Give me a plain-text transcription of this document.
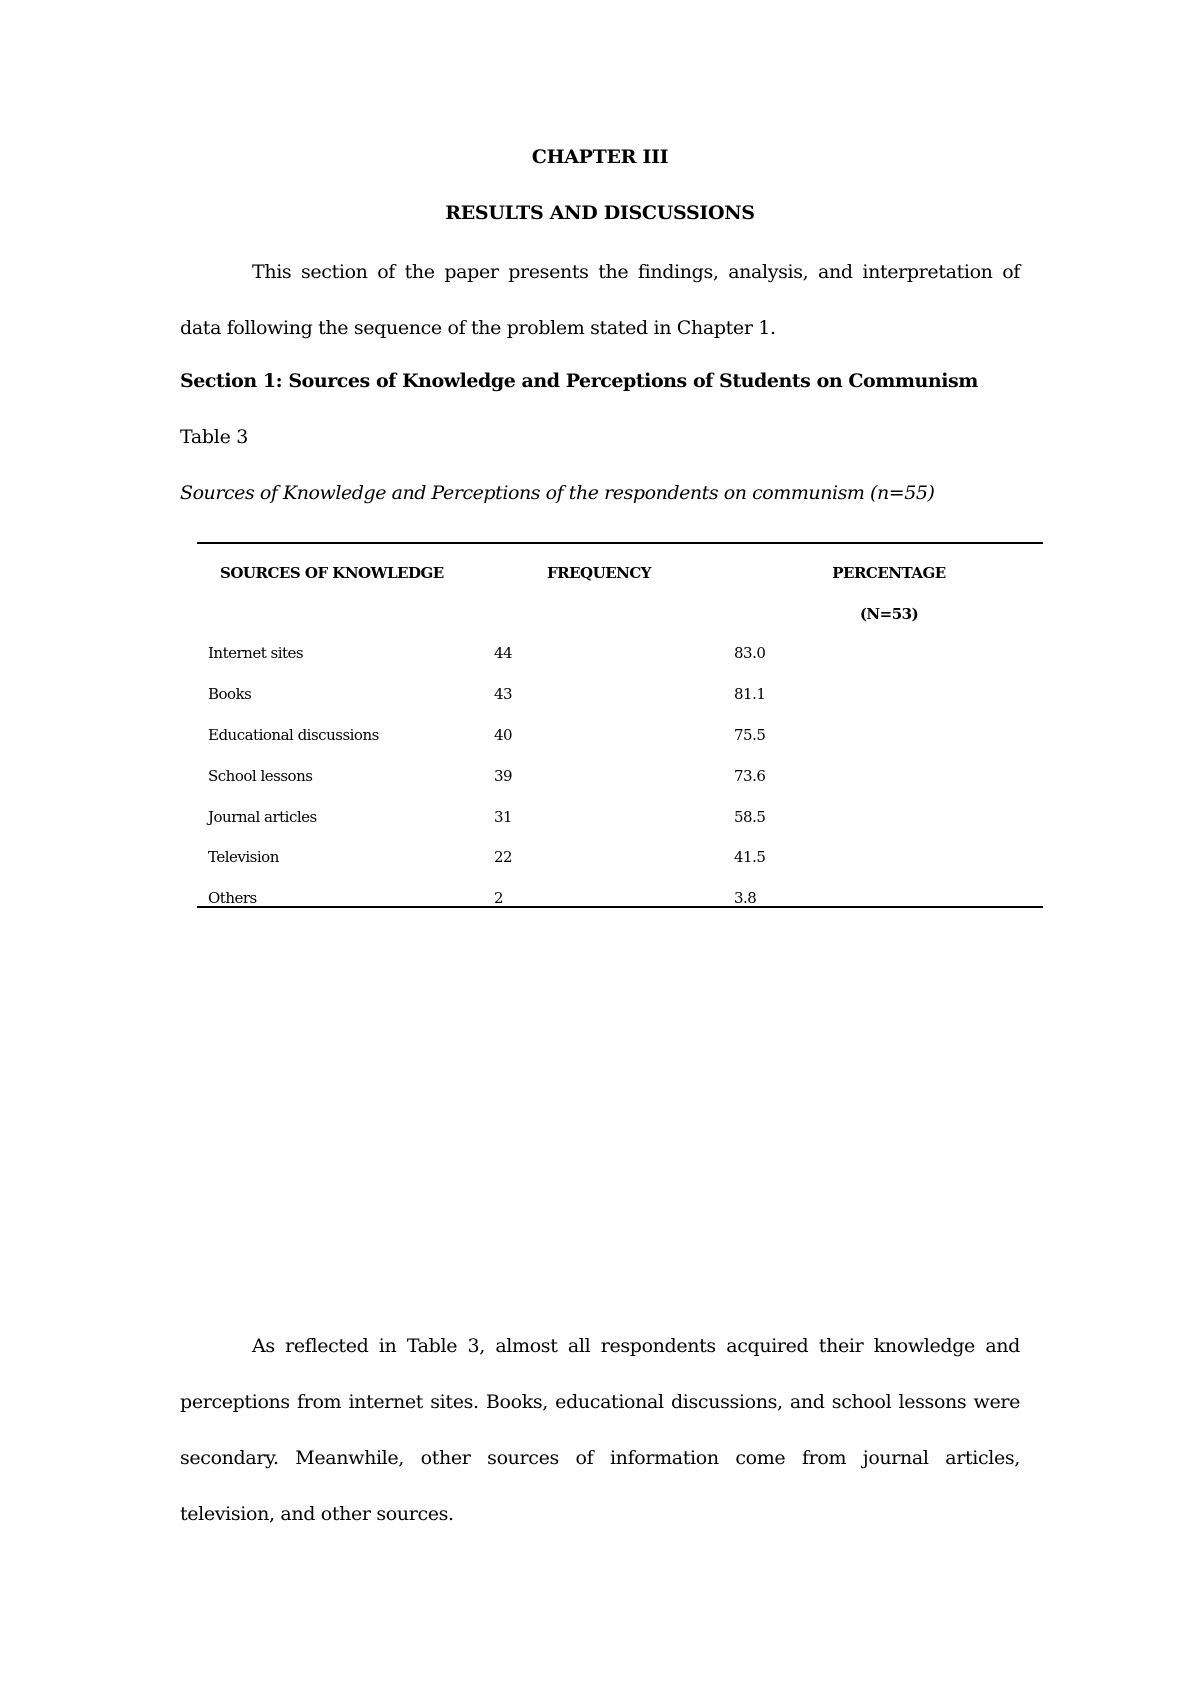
CHAPTER III
RESULTS AND DISCUSSIONS

This section of the paper presents the findings, analysis, and interpretation of data following the sequence of the problem stated in Chapter 1.

Section 1: Sources of Knowledge and Perceptions of Students on Communism
Table 3
Sources of Knowledge and Perceptions of the respondents on communism (n=55)
SOURCES OF KNOWLEDGE	FREQUENCY	PERCENTAGE
(N=53)
Internet sites	44	83.0
Books	43	81.1
Educational discussions	40	75.5
School lessons	39	73.6
Journal articles	31	58.5
Television	22	41.5
Others	2	3.8

As reflected in Table 3, almost all respondents acquired their knowledge and perceptions from internet sites. Books, educational discussions, and school lessons were secondary. Meanwhile, other sources of information come from journal articles, television, and other sources.
